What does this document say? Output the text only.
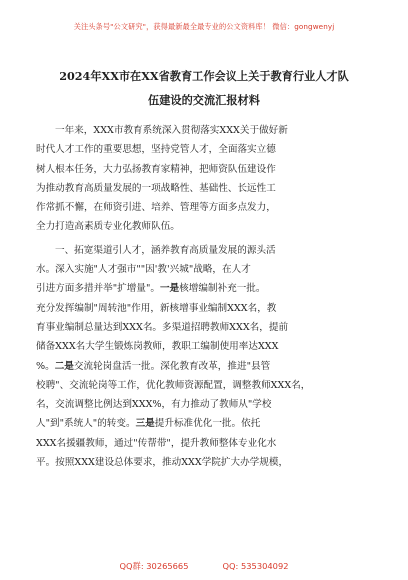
关注头条号"公文研究"，获得最新最全最专业的公文资料库！ 微信：gongwenyj
2024年XX市在XX省教育工作会议上关于教育行业人才队
伍建设的交流汇报材料
一年来，XXX市教育系统深入贯彻落实XXX关于做好新
时代人才工作的重要思想，坚持党管人才，全面落实立德
树人根本任务，大力弘扬教育家精神，把师资队伍建设作
为推动教育高质量发展的一项战略性、基础性、长远性工
作常抓不懈，在师资引进、培养、管理等方面多点发力，
全力打造高素质专业化教师队伍。
一、拓宽渠道引人才，涵养教育高质量发展的源头活
水。深入实施"人才强市""因'教'兴城"战略，在人才
引进方面多措并举"扩增量"。一是核增编制补充一批。
充分发挥编制"周转池"作用，新核增事业编制XXX名，教
育事业编制总量达到XXX名。多渠道招聘教师XXX名，提前
储备XXX名大学生锻炼岗教师，教职工编制使用率达XXX
%。二是交流轮岗盘活一批。深化教育改革，推进"县管
校聘"、交流轮岗等工作，优化教师资源配置，调整教师XXX名，
名，交流调整比例达到XXX%，有力推动了教师从"学校
人"到"系统人"的转变。三是提升标准优化一批。依托
XXX名援疆教师，通过"传帮带"，提升教师整体专业化水
平。按照XXX建设总体要求，推动XXX学院扩大办学规模，
QQ群: 30265665	QQ: 535304092
